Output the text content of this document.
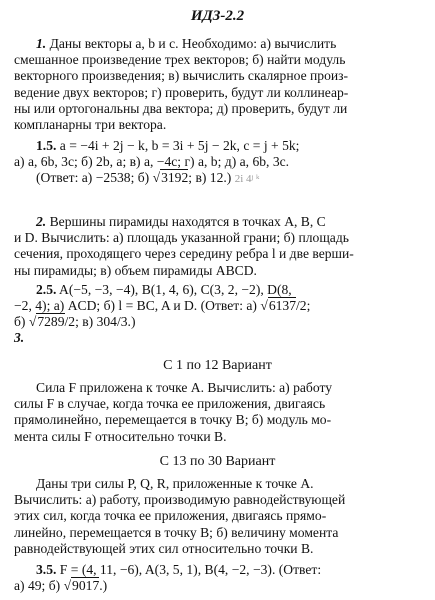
ИДЗ-2.2
1. Даны векторы a, b и c. Необходимо: а) вычислить
смешанное произведение трех векторов; б) найти модуль
векторного произведения; в) вычислить скалярное произ-
ведение двух векторов; г) проверить, будут ли коллинеар-
ны или ортогональны два вектора; д) проверить, будут ли
компланарны три вектора.
1.5. a = −4i + 2j − k, b = 3i + 5j − 2k, c = j + 5k;
а) a, 6b, 3c; б) 2b, a; в) a, −4c; г) a, b; д) a, 6b, 3c.
(Ответ: а) −2538; б) √3192; в) 12.) 2i 4ʲ ᵏ
2. Вершины пирамиды находятся в точках A, B, C
и D. Вычислить: а) площадь указанной грани; б) площадь
сечения, проходящего через середину ребра l и две верши-
ны пирамиды; в) объем пирамиды ABCD.
2.5. A(−5, −3, −4), B(1, 4, 6), C(3, 2, −2), D(8,
−2, 4); а) ACD; б) l = BC, A и D. (Ответ: а) √6137/2;
б) √7289/2; в) 304/3.)
3.
С 1 по 12 Вариант
Сила F приложена к точке A. Вычислить: а) работу
силы F в случае, когда точка ее приложения, двигаясь
прямолинейно, перемещается в точку B; б) модуль мо-
мента силы F относительно точки B.
С 13 по 30 Вариант
Даны три силы P, Q, R, приложенные к точке A.
Вычислить: а) работу, производимую равнодействующей
этих сил, когда точка ее приложения, двигаясь прямо-
линейно, перемещается в точку B; б) величину момента
равнодействующей этих сил относительно точки B.
3.5. F = (4, 11, −6), A(3, 5, 1), B(4, −2, −3). (Ответ:
а) 49; б) √9017.)
